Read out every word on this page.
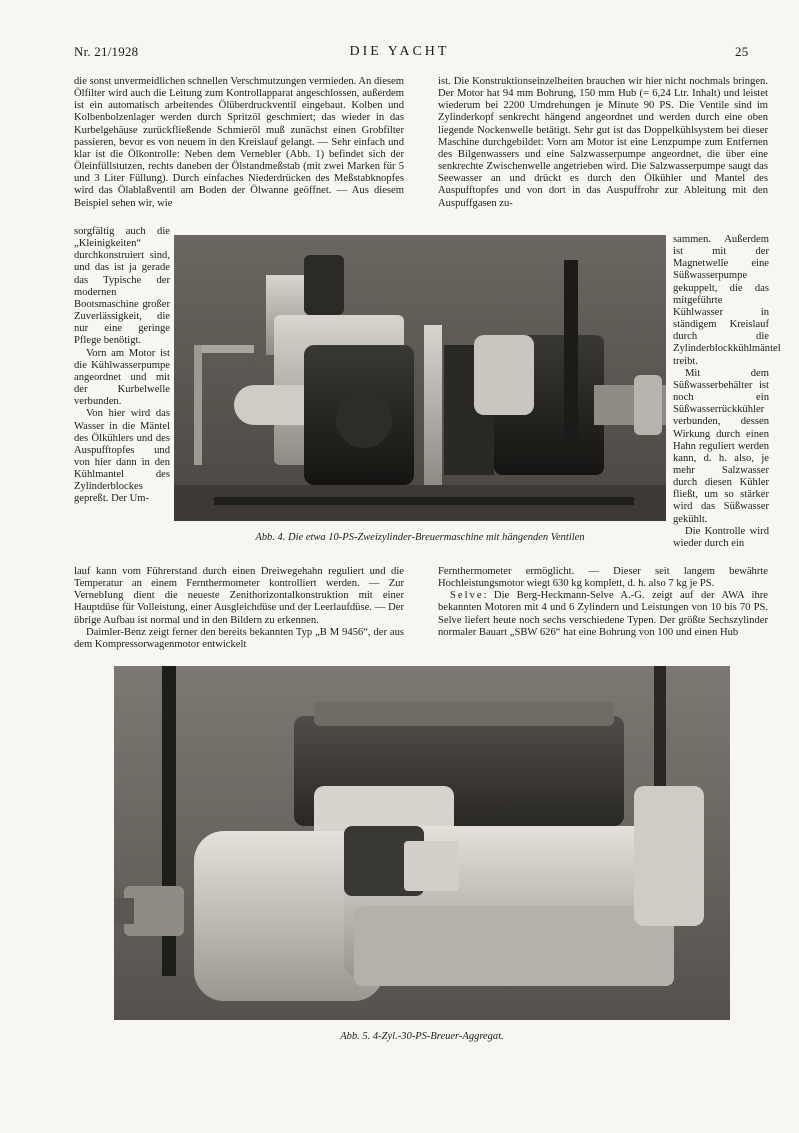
Nr. 21/1928	DIE YACHT	25

die sonst unvermeidlichen schnellen Verschmutzungen vermieden. An diesem Ölfilter wird auch die Leitung zum Kontrollapparat angeschlossen, außerdem ist ein automatisch arbeitendes Ölüberdruckventil eingebaut. Kolben und Kolbenbolzenlager werden durch Spritzöl geschmiert; das wieder in das Kurbelgehäuse zurückfließende Schmieröl muß zunächst einen Grobfilter passieren, bevor es von neuem in den Kreislauf gelangt. — Sehr einfach und klar ist die Ölkontrolle: Neben dem Vernebler (Abb. 1) befindet sich der Öleinfüllstutzen, rechts daneben der Ölstandmeßstab (mit zwei Marken für 5 und 3 Liter Füllung). Durch einfaches Niederdrücken des Meßstabknopfes wird das Ölablaßventil am Boden der Ölwanne geöffnet. — Aus diesem Beispiel sehen wir, wie

sorgfältig auch die „Kleinigkeiten“ durchkonstruiert sind, und das ist ja gerade das Typische der modernen Bootsmaschine großer Zuverlässigkeit, die nur eine geringe Pflege benötigt.

Vorn am Motor ist die Kühlwasserpumpe angeordnet und mit der Kurbelwelle verbunden.

Von hier wird das Wasser in die Mäntel des Ölkühlers und des Auspufftopfes und von hier dann in den Kühlmantel des Zylinderblockes gepreßt. Der Um-

lauf kann vom Führerstand durch einen Dreiwegehahn reguliert und die Temperatur an einem Fernthermometer kontrolliert werden. — Zur VernebIung dient die neueste Zenithorizontalkonstruktion mit einer Hauptdüse für Volleistung, einer Ausgleichdüse und der Leerlaufdüse. — Der übrige Aufbau ist normal und in den Bildern zu erkennen.

Daimler-Benz zeigt ferner den bereits bekannten Typ „B M 9456“, der aus dem Kompressorwagenmotor entwickelt

ist. Die Konstruktionseinzelheiten brauchen wir hier nicht nochmals bringen. Der Motor hat 94 mm Bohrung, 150 mm Hub (= 6,24 Ltr. Inhalt) und leistet wiederum bei 2200 Umdrehungen je Minute 90 PS. Die Ventile sind im Zylinderkopf senkrecht hängend angeordnet und werden durch eine oben liegende Nockenwelle betätigt. Sehr gut ist das Doppelkühlsystem bei dieser Maschine durchgebildet: Vorn am Motor ist eine Lenzpumpe zum Entfernen des Bilgenwassers und eine Salzwasserpumpe angeordnet, die über eine senkrechte Zwischenwelle angetrieben wird. Die Salzwasserpumpe saugt das Seewasser an und drückt es durch den Ölkühler und Mantel des Auspufftopfes und von dort in das Auspuffrohr zur Ableitung mit den Auspuffgasen zu-

sammen. Außerdem ist mit der Magnetwelle eine Süßwasserpumpe gekuppelt, die das mitgeführte Kühlwasser in ständigem Kreislauf durch die Zylinderblockkühlmäntel treibt.

Mit dem Süßwasserbehälter ist noch ein Süßwasserrückkühler verbunden, dessen Wirkung durch einen Hahn reguliert werden kann, d. h. also, je mehr Salzwasser durch diesen Kühler fließt, um so stärker wird das Süßwasser gekühlt.

Die Kontrolle wird wieder durch ein

Fernthermometer ermöglicht. — Dieser seit langem bewährte Hochleistungsmotor wiegt 630 kg komplett, d. h. also 7 kg je PS.

Selve: Die Berg-Heckmann-Selve A.-G. zeigt auf der AWA ihre bekannten Motoren mit 4 und 6 Zylindern und Leistungen von 10 bis 70 PS. Selve liefert heute noch sechs verschiedene Typen. Der größte Sechszylinder normaler Bauart „SBW 626“ hat eine Bohrung von 100 und einen Hub

Abb. 4. Die etwa 10-PS-Zweizylinder-Breuermaschine mit hängenden Ventilen
Abb. 5. 4-Zyl.-30-PS-Breuer-Aggregat.
